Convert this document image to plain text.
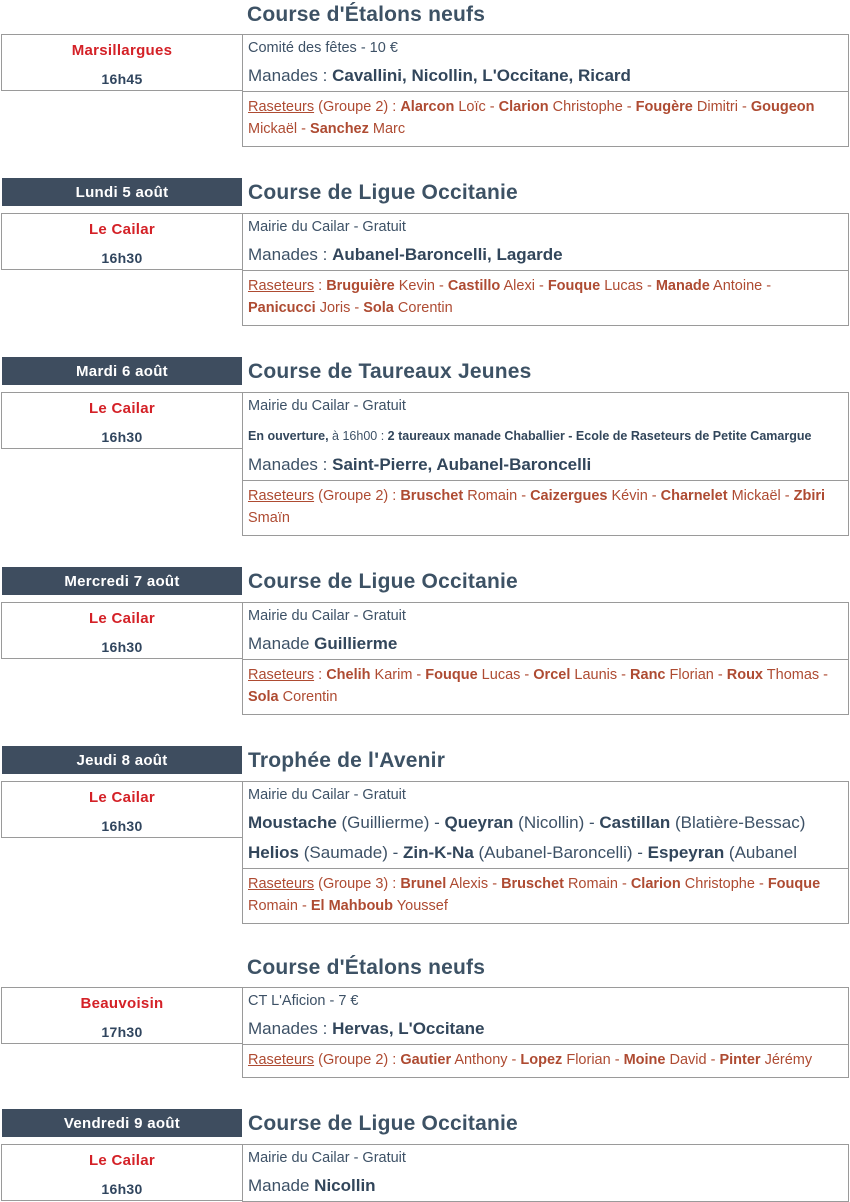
Course d'Étalons neufs
Marsillargues
16h45
Comité des fêtes - 10 €
Manades : Cavallini, Nicollin, L'Occitane, Ricard
Raseteurs (Groupe 2) : Alarcon Loïc - Clarion Christophe - Fougère Dimitri - Gougeon Mickaël - Sanchez Marc
Lundi 5 août	Course de Ligue Occitanie
Le Cailar
16h30
Mairie du Cailar - Gratuit
Manades : Aubanel-Baroncelli, Lagarde
Raseteurs : Bruguière Kevin - Castillo Alexi - Fouque Lucas - Manade Antoine - Panicucci Joris - Sola Corentin
Mardi 6 août	Course de Taureaux Jeunes
Le Cailar
16h30
Mairie du Cailar - Gratuit
En ouverture, à 16h00 : 2 taureaux manade Chaballier - Ecole de Raseteurs de Petite Camargue
Manades : Saint-Pierre, Aubanel-Baroncelli
Raseteurs (Groupe 2) : Bruschet Romain - Caizergues Kévin - Charnelet Mickaël - Zbiri Smaïn
Mercredi 7 août	Course de Ligue Occitanie
Le Cailar
16h30
Mairie du Cailar - Gratuit
Manade Guillierme
Raseteurs : Chelih Karim - Fouque Lucas - Orcel Launis - Ranc Florian - Roux Thomas - Sola Corentin
Jeudi 8 août	Trophée de l'Avenir
Le Cailar
16h30
Mairie du Cailar - Gratuit
Moustache (Guillierme) - Queyran (Nicollin) - Castillan (Blatière-Bessac)
Helios (Saumade) - Zin-K-Na (Aubanel-Baroncelli) - Espeyran (Aubanel
Raseteurs (Groupe 3) : Brunel Alexis - Bruschet Romain - Clarion Christophe - Fouque Romain - El Mahboub Youssef
Course d'Étalons neufs
Beauvoisin
17h30
CT L'Aficion - 7 €
Manades : Hervas, L'Occitane
Raseteurs (Groupe 2) : Gautier Anthony - Lopez Florian - Moine David - Pinter Jérémy
Vendredi 9 août	Course de Ligue Occitanie
Le Cailar
16h30
Mairie du Cailar - Gratuit
Manade Nicollin
